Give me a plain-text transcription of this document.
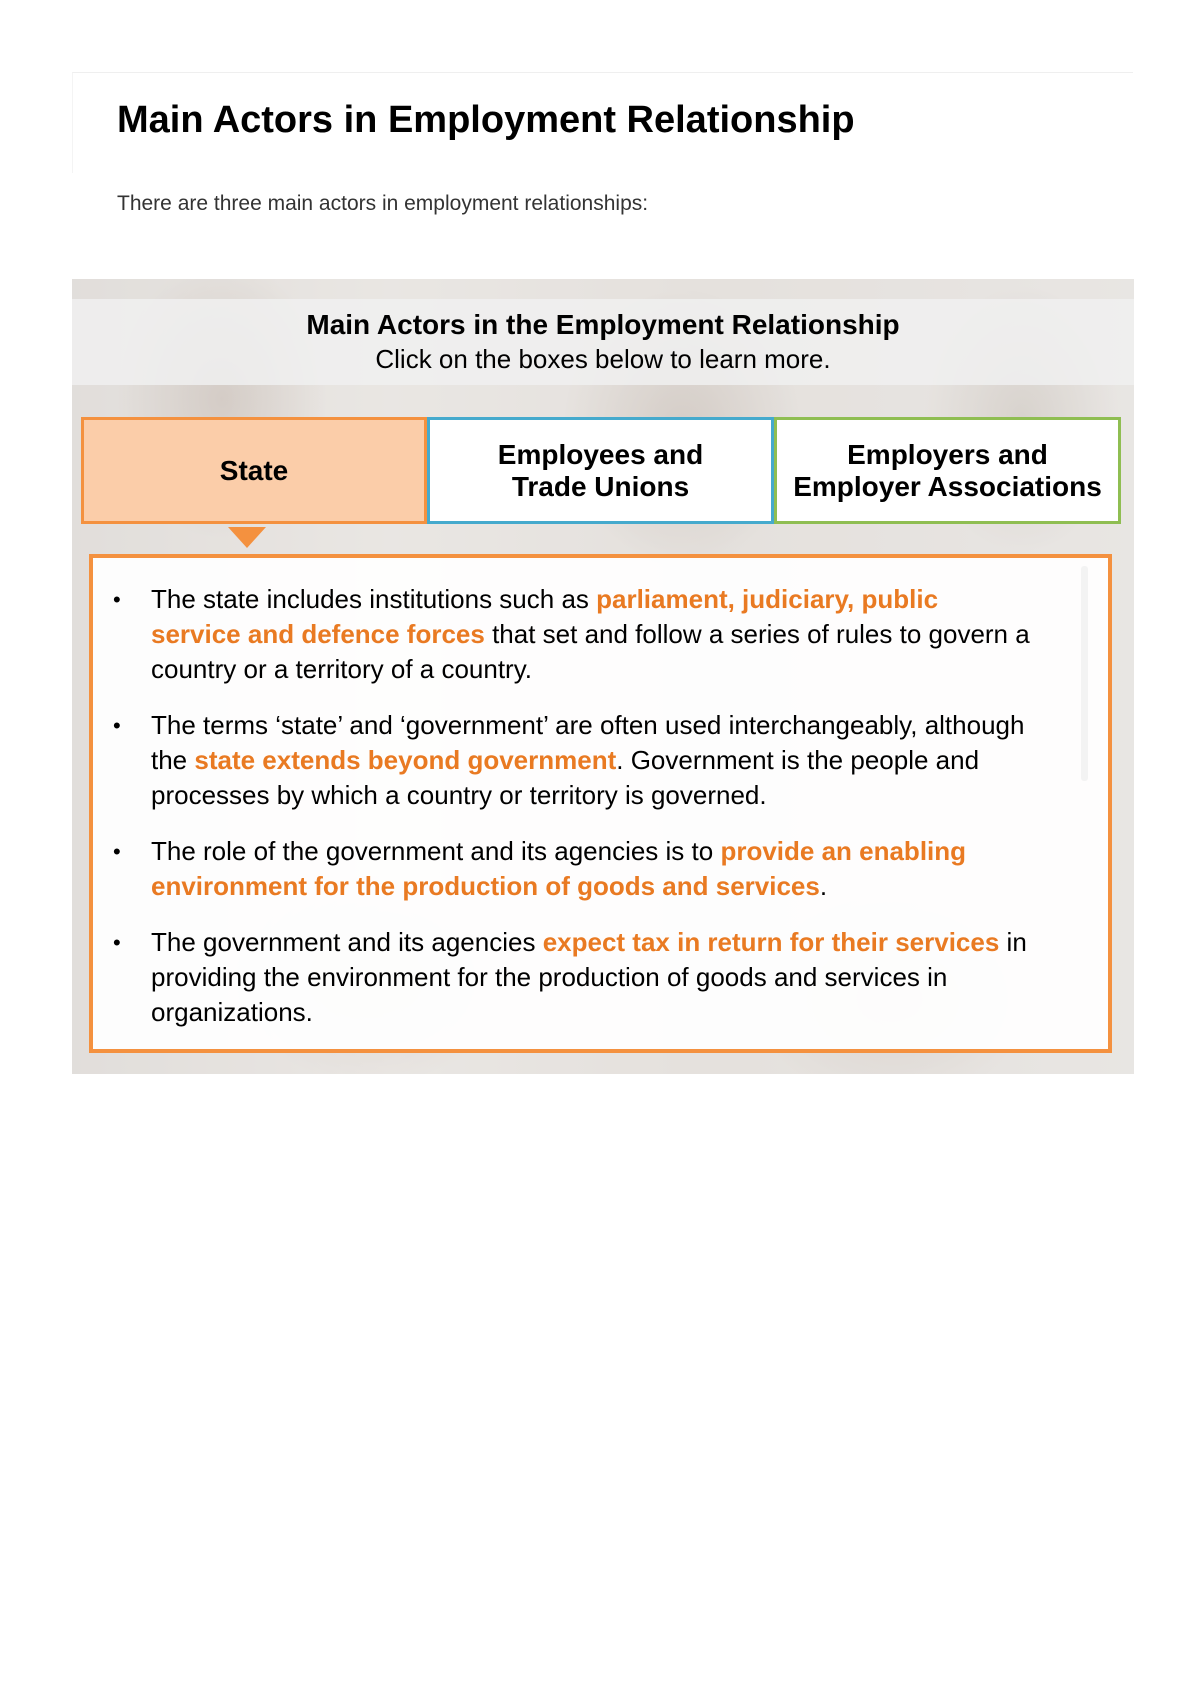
Main Actors in Employment Relationship

There are three main actors in employment relationships:

Main Actors in the Employment Relationship

Click on the boxes below to learn more.

State
Employees and
Trade Unions
Employers and
Employer Associations
• The state includes institutions such as parliament, judiciary, public service and defence forces that set and follow a series of rules to govern a country or a territory of a country.
• The terms ‘state’ and ‘government’ are often used interchangeably, although the state extends beyond government. Government is the people and processes by which a country or territory is governed.
• The role of the government and its agencies is to provide an enabling environment for the production of goods and services.
• The government and its agencies expect tax in return for their services in providing the environment for the production of goods and services in organizations.
